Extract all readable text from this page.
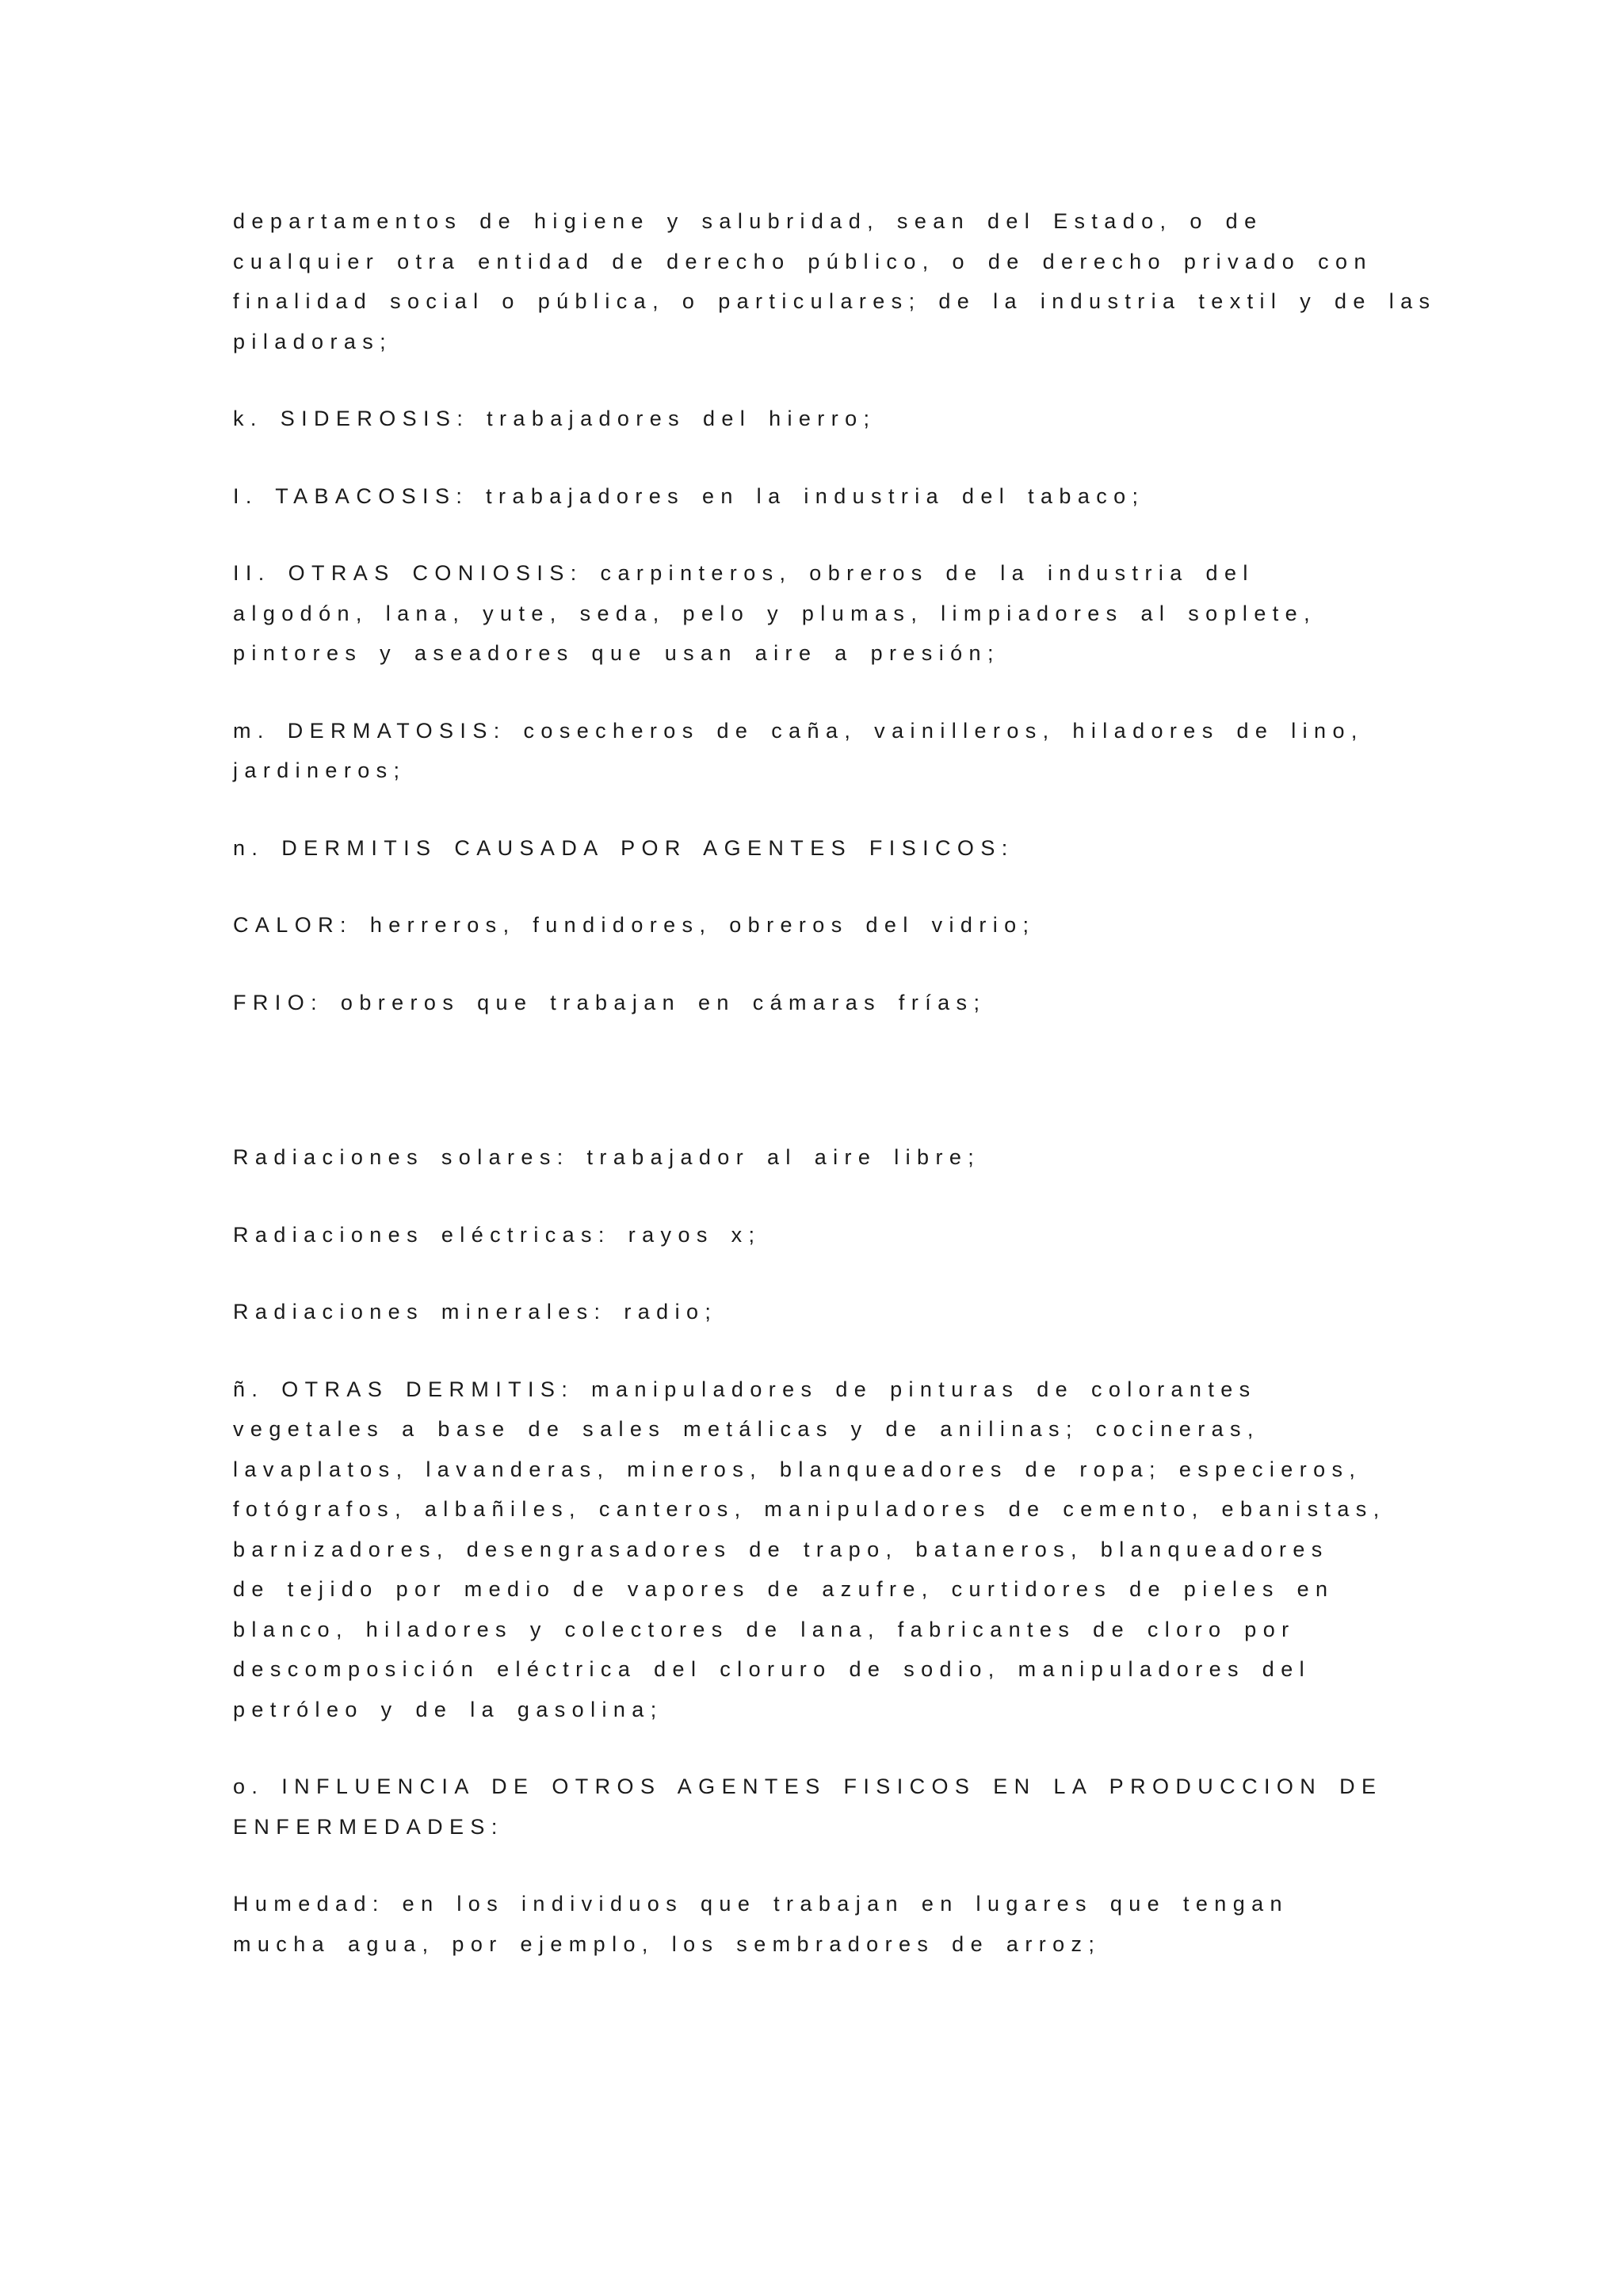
departamentos de higiene y salubridad, sean del Estado, o de
cualquier otra entidad de derecho público, o de derecho privado con
finalidad social o pública, o particulares; de la industria textil y de las
piladoras;
k. SIDEROSIS: trabajadores del hierro;
I. TABACOSIS: trabajadores en la industria del tabaco;
II. OTRAS CONIOSIS: carpinteros, obreros de la industria del
algodón, lana, yute, seda, pelo y plumas, limpiadores al soplete,
pintores y aseadores que usan aire a presión;
m. DERMATOSIS: cosecheros de caña, vainilleros, hiladores de lino,
jardineros;
n. DERMITIS CAUSADA POR AGENTES FISICOS:
CALOR: herreros, fundidores, obreros del vidrio;
FRIO: obreros que trabajan en cámaras frías;
Radiaciones solares: trabajador al aire libre;
Radiaciones eléctricas: rayos x;
Radiaciones minerales: radio;
ñ. OTRAS DERMITIS: manipuladores de pinturas de colorantes
vegetales a base de sales metálicas y de anilinas; cocineras,
lavaplatos, lavanderas, mineros, blanqueadores de ropa; especieros,
fotógrafos, albañiles, canteros, manipuladores de cemento, ebanistas,
barnizadores, desengrasadores de trapo, bataneros, blanqueadores
de tejido por medio de vapores de azufre, curtidores de pieles en
blanco, hiladores y colectores de lana, fabricantes de cloro por
descomposición eléctrica del cloruro de sodio, manipuladores del
petróleo y de la gasolina;
o. INFLUENCIA DE OTROS AGENTES FISICOS EN LA PRODUCCION DE
ENFERMEDADES:
Humedad: en los individuos que trabajan en lugares que tengan
mucha agua, por ejemplo, los sembradores de arroz;
